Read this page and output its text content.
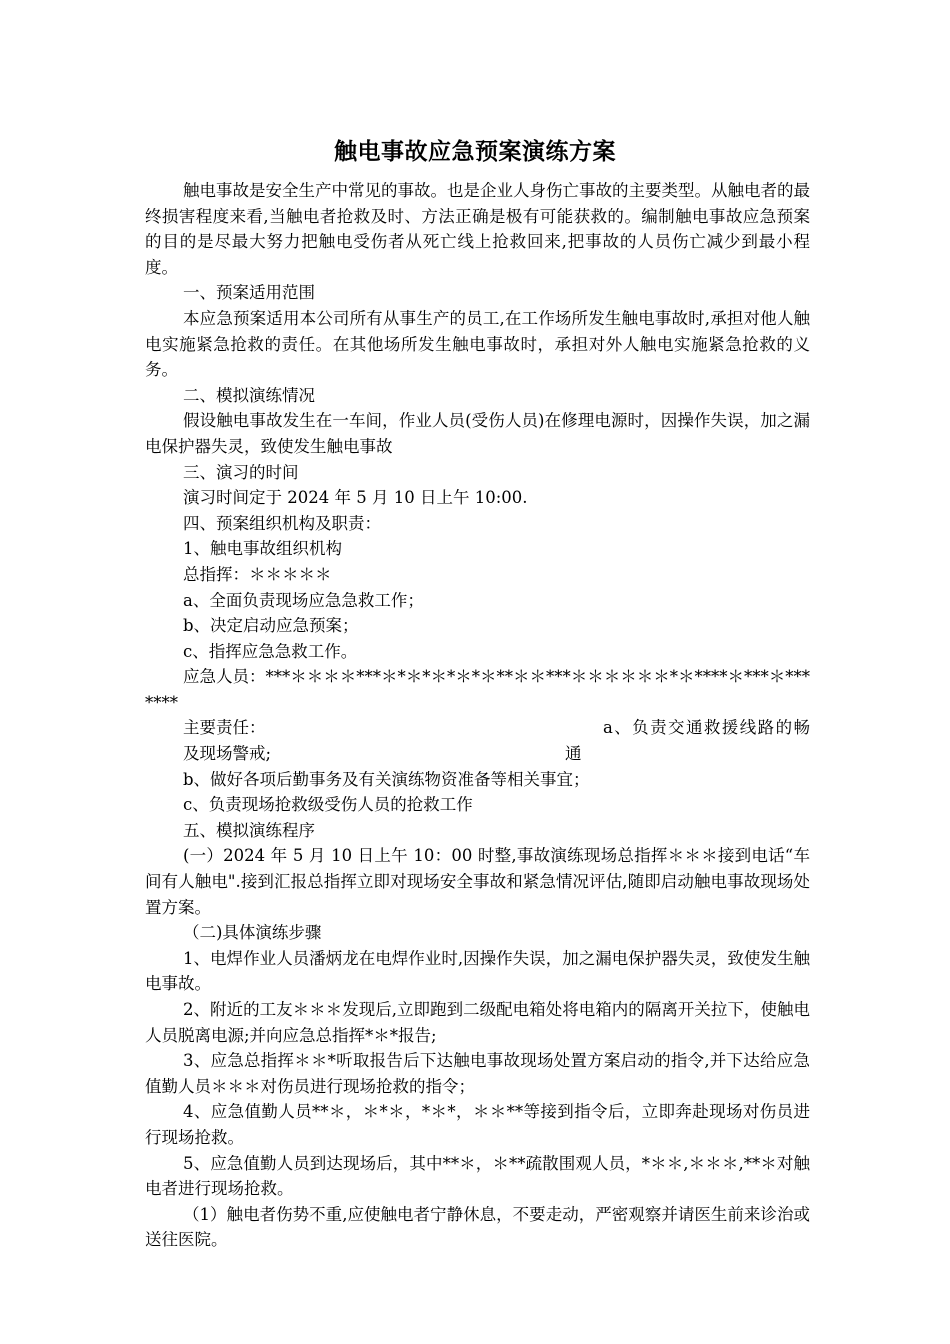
触电事故应急预案演练方案

触电事故是安全生产中常见的事故。也是企业人身伤亡事故的主要类型。从触电者的最终损害程度来看,当触电者抢救及时、方法正确是极有可能获救的。编制触电事故应急预案的目的是尽最大努力把触电受伤者从死亡线上抢救回来,把事故的人员伤亡减少到最小程度。

一、预案适用范围

本应急预案适用本公司所有从事生产的员工,在工作场所发生触电事故时,承担对他人触电实施紧急抢救的责任。在其他场所发生触电事故时，承担对外人触电实施紧急抢救的义务。

二、模拟演练情况

假设触电事故发生在一车间，作业人员(受伤人员)在修理电源时，因操作失误，加之漏电保护器失灵，致使发生触电事故

三、演习的时间

演习时间定于 2024 年 5 月 10 日上午 10:00.

四、预案组织机构及职责：

1、触电事故组织机构

总指挥：＊＊＊＊＊

a、全面负责现场应急急救工作；

b、决定启动应急预案；

c、指挥应急急救工作。

应急人员：***＊＊＊＊***＊*＊*＊*＊*＊**＊＊***＊＊＊＊＊＊*＊****＊***＊*******

主要责任：	a、负责交通救援线路的畅通

及现场警戒;

b、做好各项后勤事务及有关演练物资准备等相关事宜；

c、负责现场抢救级受伤人员的抢救工作

五、模拟演练程序

(一）2024 年 5 月 10 日上午 10：00 时整,事故演练现场总指挥＊＊＊接到电话“车间有人触电".接到汇报总指挥立即对现场安全事故和紧急情况评估,随即启动触电事故现场处置方案。

（二)具体演练步骤

1、电焊作业人员潘炳龙在电焊作业时,因操作失误，加之漏电保护器失灵，致使发生触电事故。

2、附近的工友＊＊＊发现后,立即跑到二级配电箱处将电箱内的隔离开关拉下，使触电人员脱离电源;并向应急总指挥*＊*报告;

3、应急总指挥＊＊*听取报告后下达触电事故现场处置方案启动的指令,并下达给应急值勤人员＊＊＊对伤员进行现场抢救的指令；

4、应急值勤人员**＊，＊*＊，*＊*，＊＊**等接到指令后，立即奔赴现场对伤员进行现场抢救。

5、应急值勤人员到达现场后，其中**＊，＊**疏散围观人员，*＊＊,＊＊＊,**＊对触电者进行现场抢救。

（1）触电者伤势不重,应使触电者宁静休息，不要走动，严密观察并请医生前来诊治或送往医院。
